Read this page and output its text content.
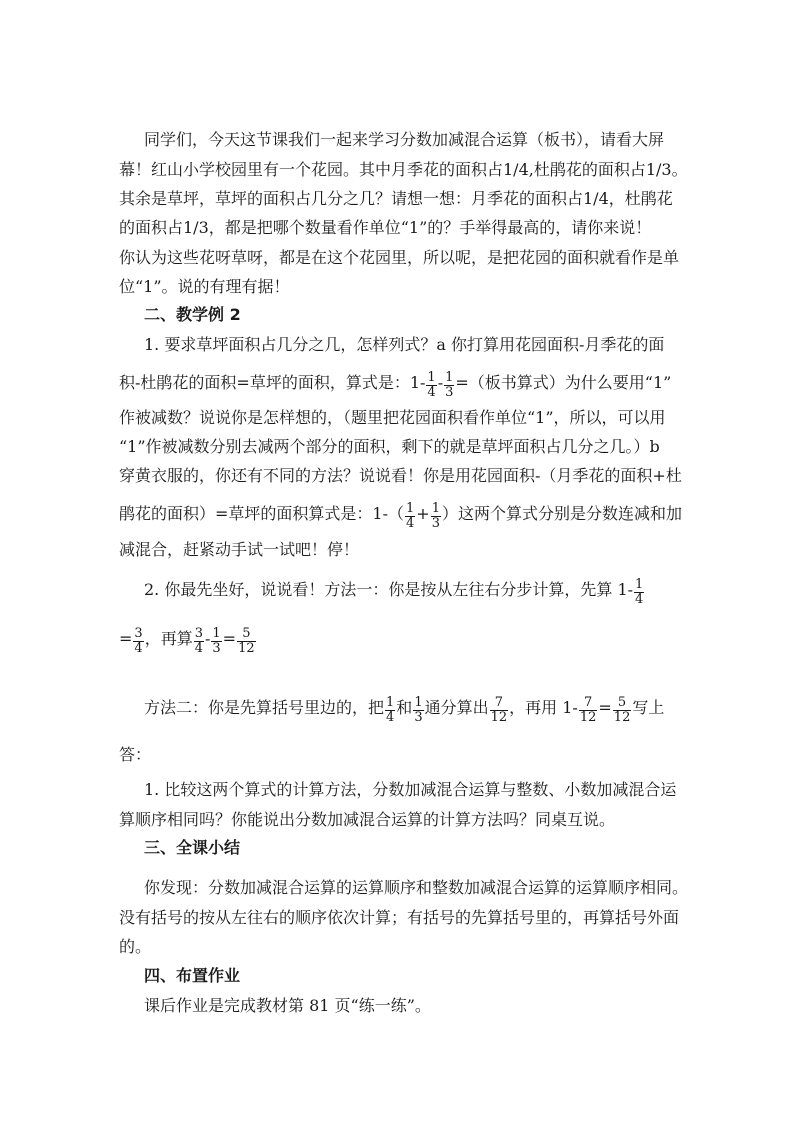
同学们，今天这节课我们一起来学习分数加减混合运算（板书），请看大屏
幕！红山小学校园里有一个花园。其中月季花的面积占1/4,杜鹃花的面积占1/3。
其余是草坪，草坪的面积占几分之几？请想一想：月季花的面积占1/4，杜鹃花
的面积占1/3，都是把哪个数量看作单位“1”的？手举得最高的，请你来说！
你认为这些花呀草呀，都是在这个花园里，所以呢，是把花园的面积就看作是单
位“1”。说的有理有据！
二、教学例 2
1. 要求草坪面积占几分之几，怎样列式？a 你打算用花园面积-月季花的面
积-杜鹃花的面积=草坪的面积，算式是：$1- \frac{1}{4} - \frac{1}{3}$ =（板书算式）为什么要用“1”
作被减数？说说你是怎样想的，（题里把花园面积看作单位“1”，所以，可以用
“1”作被减数分别去减两个部分的面积，剩下的就是草坪面积占几分之几。）b
穿黄衣服的，你还有不同的方法？说说看！你是用花园面积-（月季花的面积+杜
鹃花的面积）=草坪的面积算式是：$1-( \frac{1}{4} + \frac{1}{3}$ ）这两个算式分别是分数连减和加
减混合，赶紧动手试一试吧！停！
2. 你最先坐好，说说看！方法一：你是按从左往右分步计算，先算 $1- \frac{1}{4}$
= $\frac{3}{4}$ ，再算 $\frac{3}{4} - \frac{1}{3} = \frac{5}{12}$
方法二：你是先算括号里边的，把 $\frac{1}{4}$ 和 $\frac{1}{3}$ 通分算出 $\frac{7}{12}$ ，再用 $1- \frac{7}{12} = \frac{5}{12}$ 写上
答：
1. 比较这两个算式的计算方法，分数加减混合运算与整数、小数加减混合运
算顺序相同吗？你能说出分数加减混合运算的计算方法吗？同桌互说。
三、全课小结
你发现：分数加减混合运算的运算顺序和整数加减混合运算的运算顺序相同。
没有括号的按从左往右的顺序依次计算；有括号的先算括号里的，再算括号外面
的。
四、布置作业
课后作业是完成教材第 81 页“练一练”。
